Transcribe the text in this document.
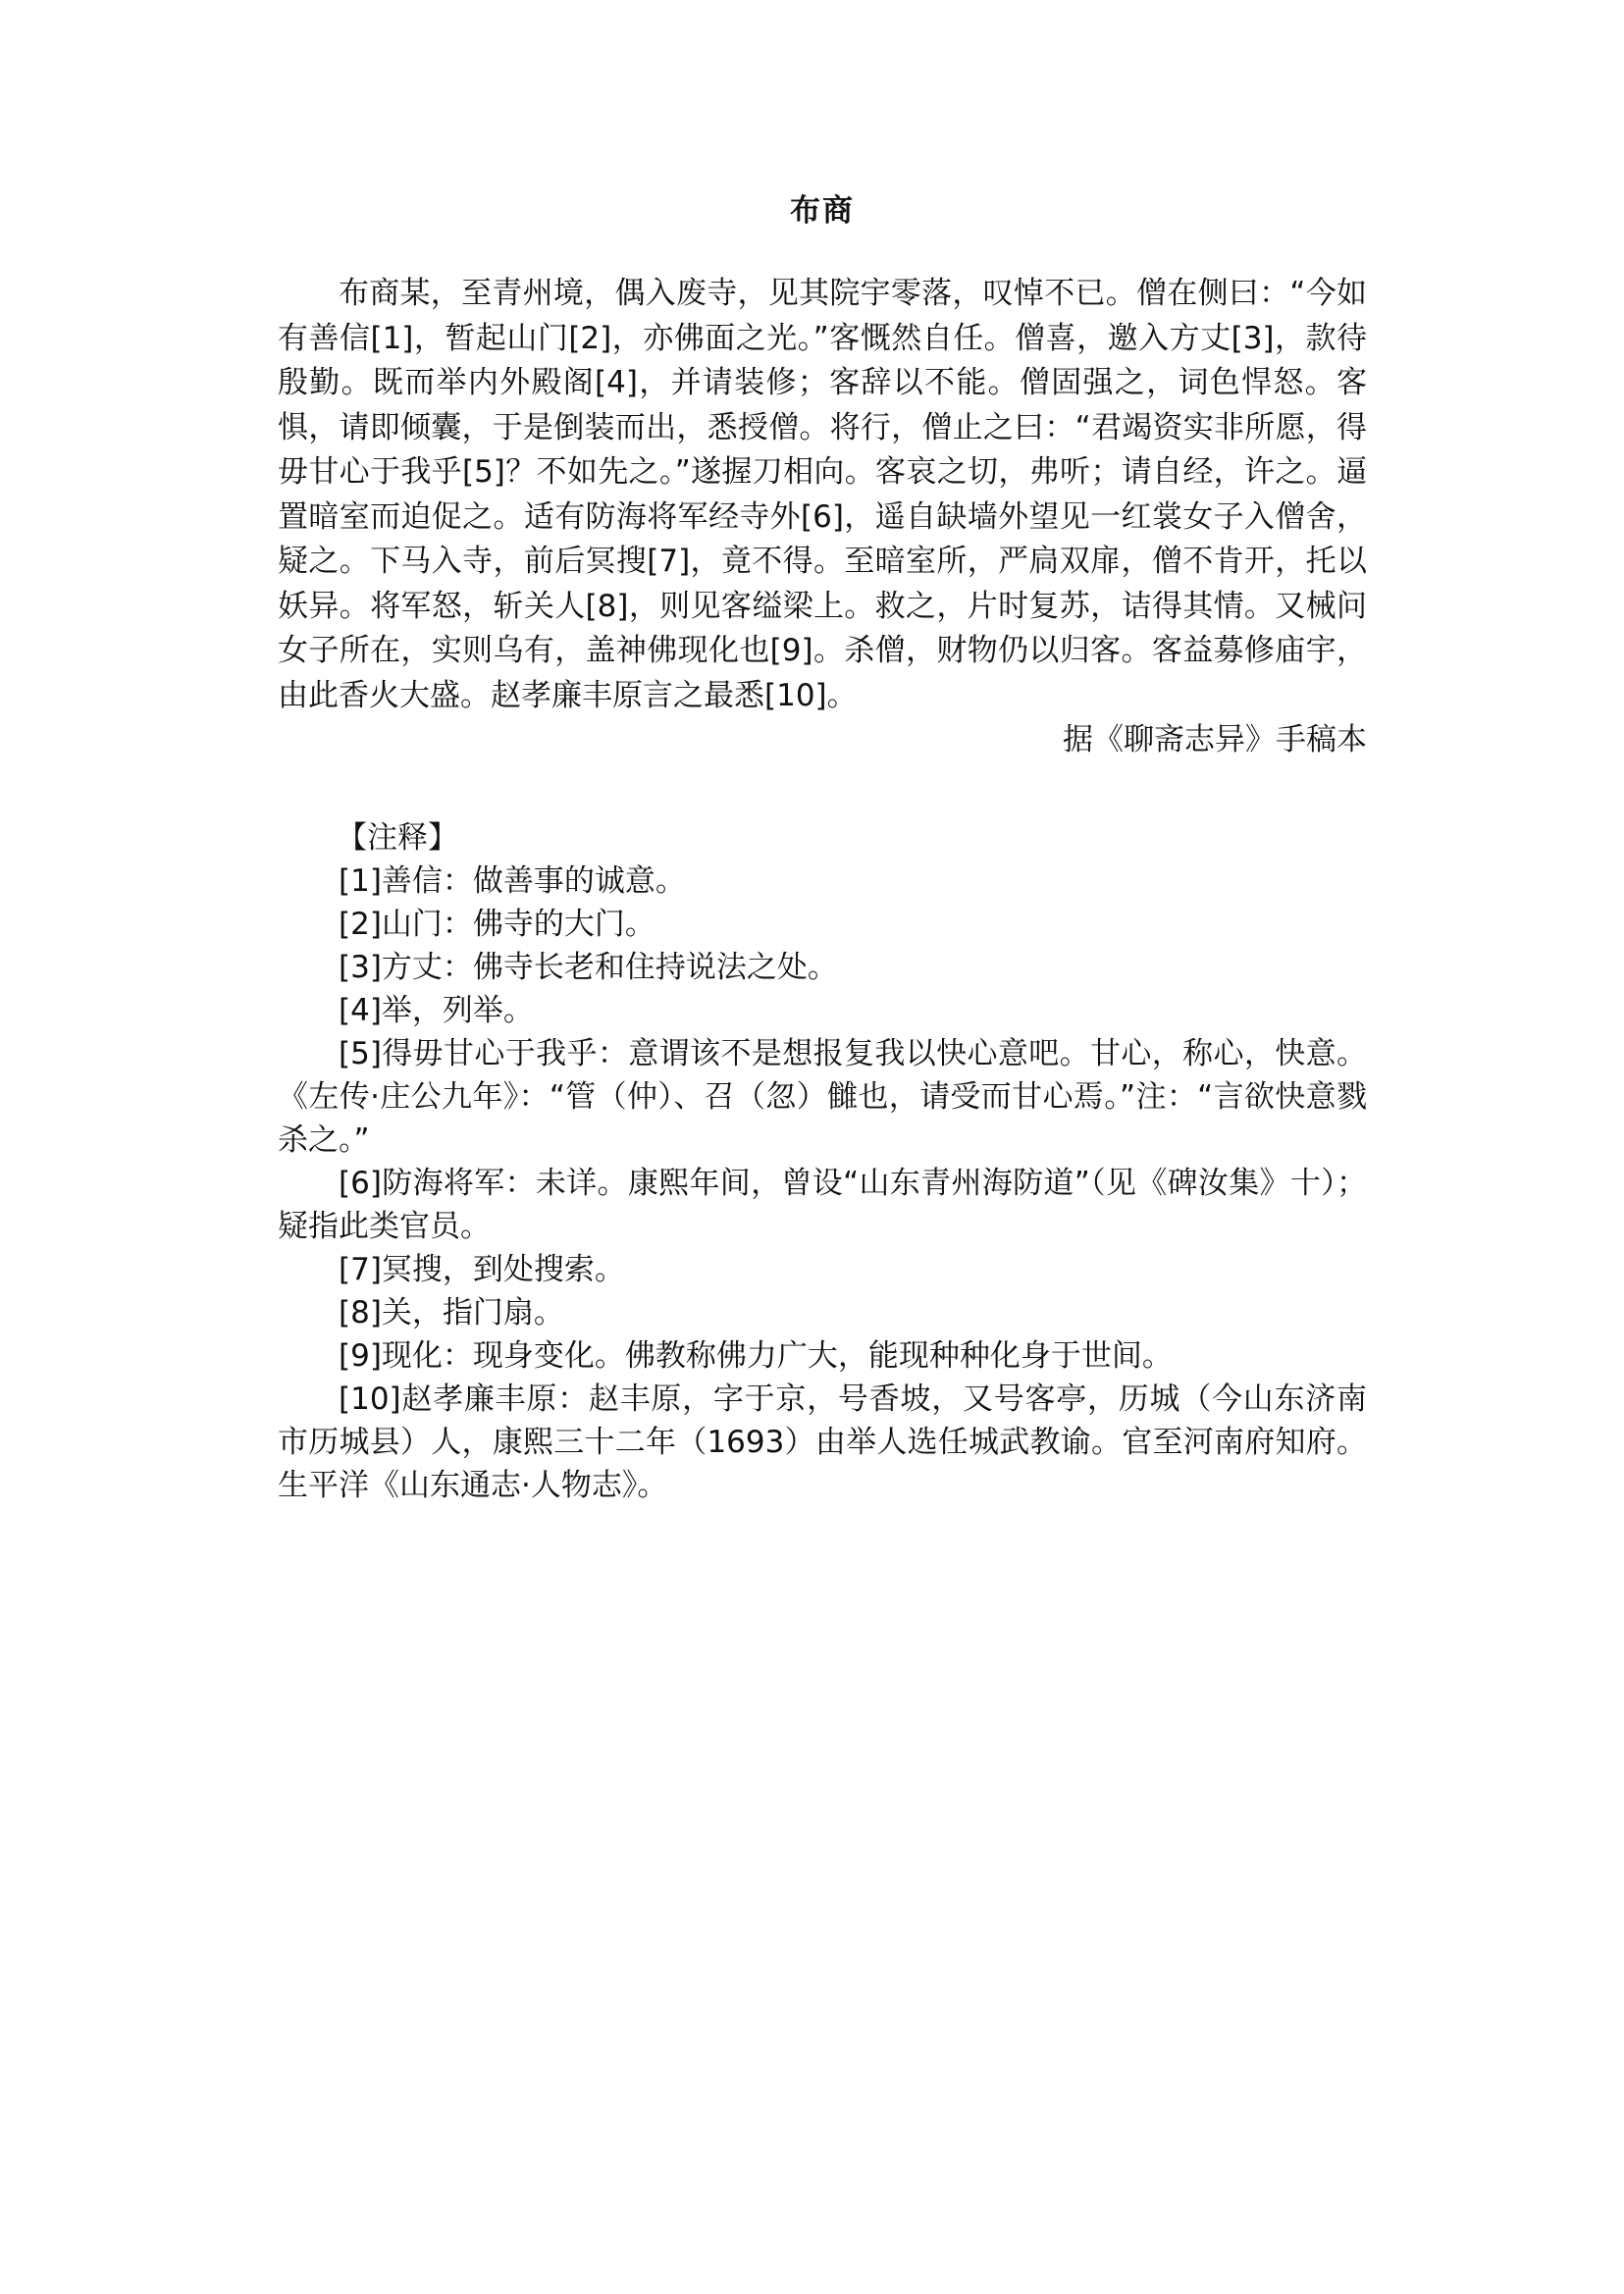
布商

布商某，至青州境，偶入废寺，见其院宇零落，叹悼不已。僧在侧曰：“今如有善信[1]，暂起山门[2]，亦佛面之光。”客慨然自任。僧喜，邀入方丈[3]，款待殷勤。既而举内外殿阁[4]，并请装修；客辞以不能。僧固强之，词色悍怒。客惧，请即倾囊，于是倒装而出，悉授僧。将行，僧止之曰：“君竭资实非所愿，得毋甘心于我乎[5]？不如先之。”遂握刀相向。客哀之切，弗听；请自经，许之。逼置暗室而迫促之。适有防海将军经寺外[6]，遥自缺墙外望见一红裳女子入僧舍，疑之。下马入寺，前后冥搜[7]，竟不得。至暗室所，严扃双扉，僧不肯开，托以妖异。将军怒，斩关人[8]，则见客缢梁上。救之，片时复苏，诘得其情。又械问女子所在，实则乌有，盖神佛现化也[9]。杀僧，财物仍以归客。客益募修庙宇，由此香火大盛。赵孝廉丰原言之最悉[10]。

据《聊斋志异》手稿本

【注释】

[1]善信：做善事的诚意。

[2]山门：佛寺的大门。

[3]方丈：佛寺长老和住持说法之处。

[4]举，列举。

[5]得毋甘心于我乎：意谓该不是想报复我以快心意吧。甘心，称心，快意。《左传·庄公九年》：“管（仲）、召（忽）雠也，请受而甘心焉。”注：“言欲快意戮杀之。”

[6]防海将军：未详。康熙年间，曾设“山东青州海防道”（见《碑汝集》十）；疑指此类官员。

[7]冥搜，到处搜索。

[8]关，指门扇。

[9]现化：现身变化。佛教称佛力广大，能现种种化身于世间。

[10]赵孝廉丰原：赵丰原，字于京，号香坡，又号客亭，历城（今山东济南市历城县）人，康熙三十二年（1693）由举人选任城武教谕。官至河南府知府。生平洋《山东通志·人物志》。
